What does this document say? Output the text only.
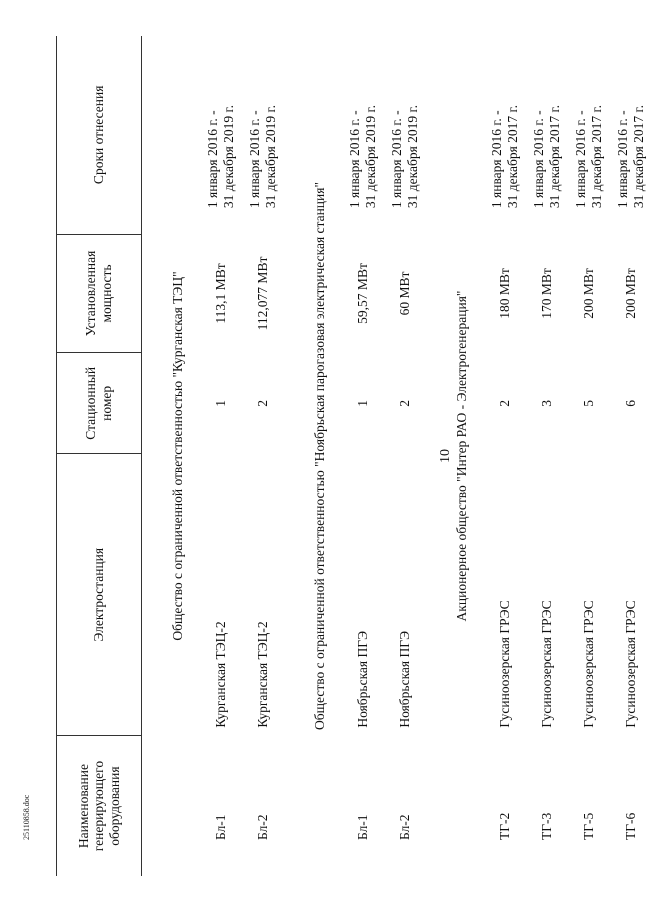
10
Наименование генерирующего оборудования	Электростанция	Стационный номер	Установленная мощность	Сроки отнесения
Общество с ограниченной ответственностью "Курганская ТЭЦ"				
Бл-1	Курганская ТЭЦ-2	1	113,1 МВт	1 января 2016 г. - 31 декабря 2019 г.

Бл-2	Курганская ТЭЦ-2	2	112,077 МВт	1 января 2016 г. - 31 декабря 2019 г.

Общество с ограниченной ответственностью "Ноябрьская парогазовая электрическая станция"				
Бл-1	Ноябрьская ПГЭ	1	59,57 МВт	1 января 2016 г. - 31 декабря 2019 г.

Бл-2	Ноябрьская ПГЭ	2	60 МВт	1 января 2016 г. - 31 декабря 2019 г.

Акционерное общество "Интер РАО - Электрогенерация"				
ТГ-2	Гусиноозерская ГРЭС	2	180 МВт	1 января 2016 г. - 31 декабря 2017 г.

ТГ-3	Гусиноозерская ГРЭС	3	170 МВт	1 января 2016 г. - 31 декабря 2017 г.

ТГ-5	Гусиноозерская ГРЭС	5	200 МВт	1 января 2016 г. - 31 декабря 2017 г.

ТГ-6	Гусиноозерская ГРЭС	6	200 МВт	1 января 2016 г. - 31 декабря 2017 г.
25110858.doc
